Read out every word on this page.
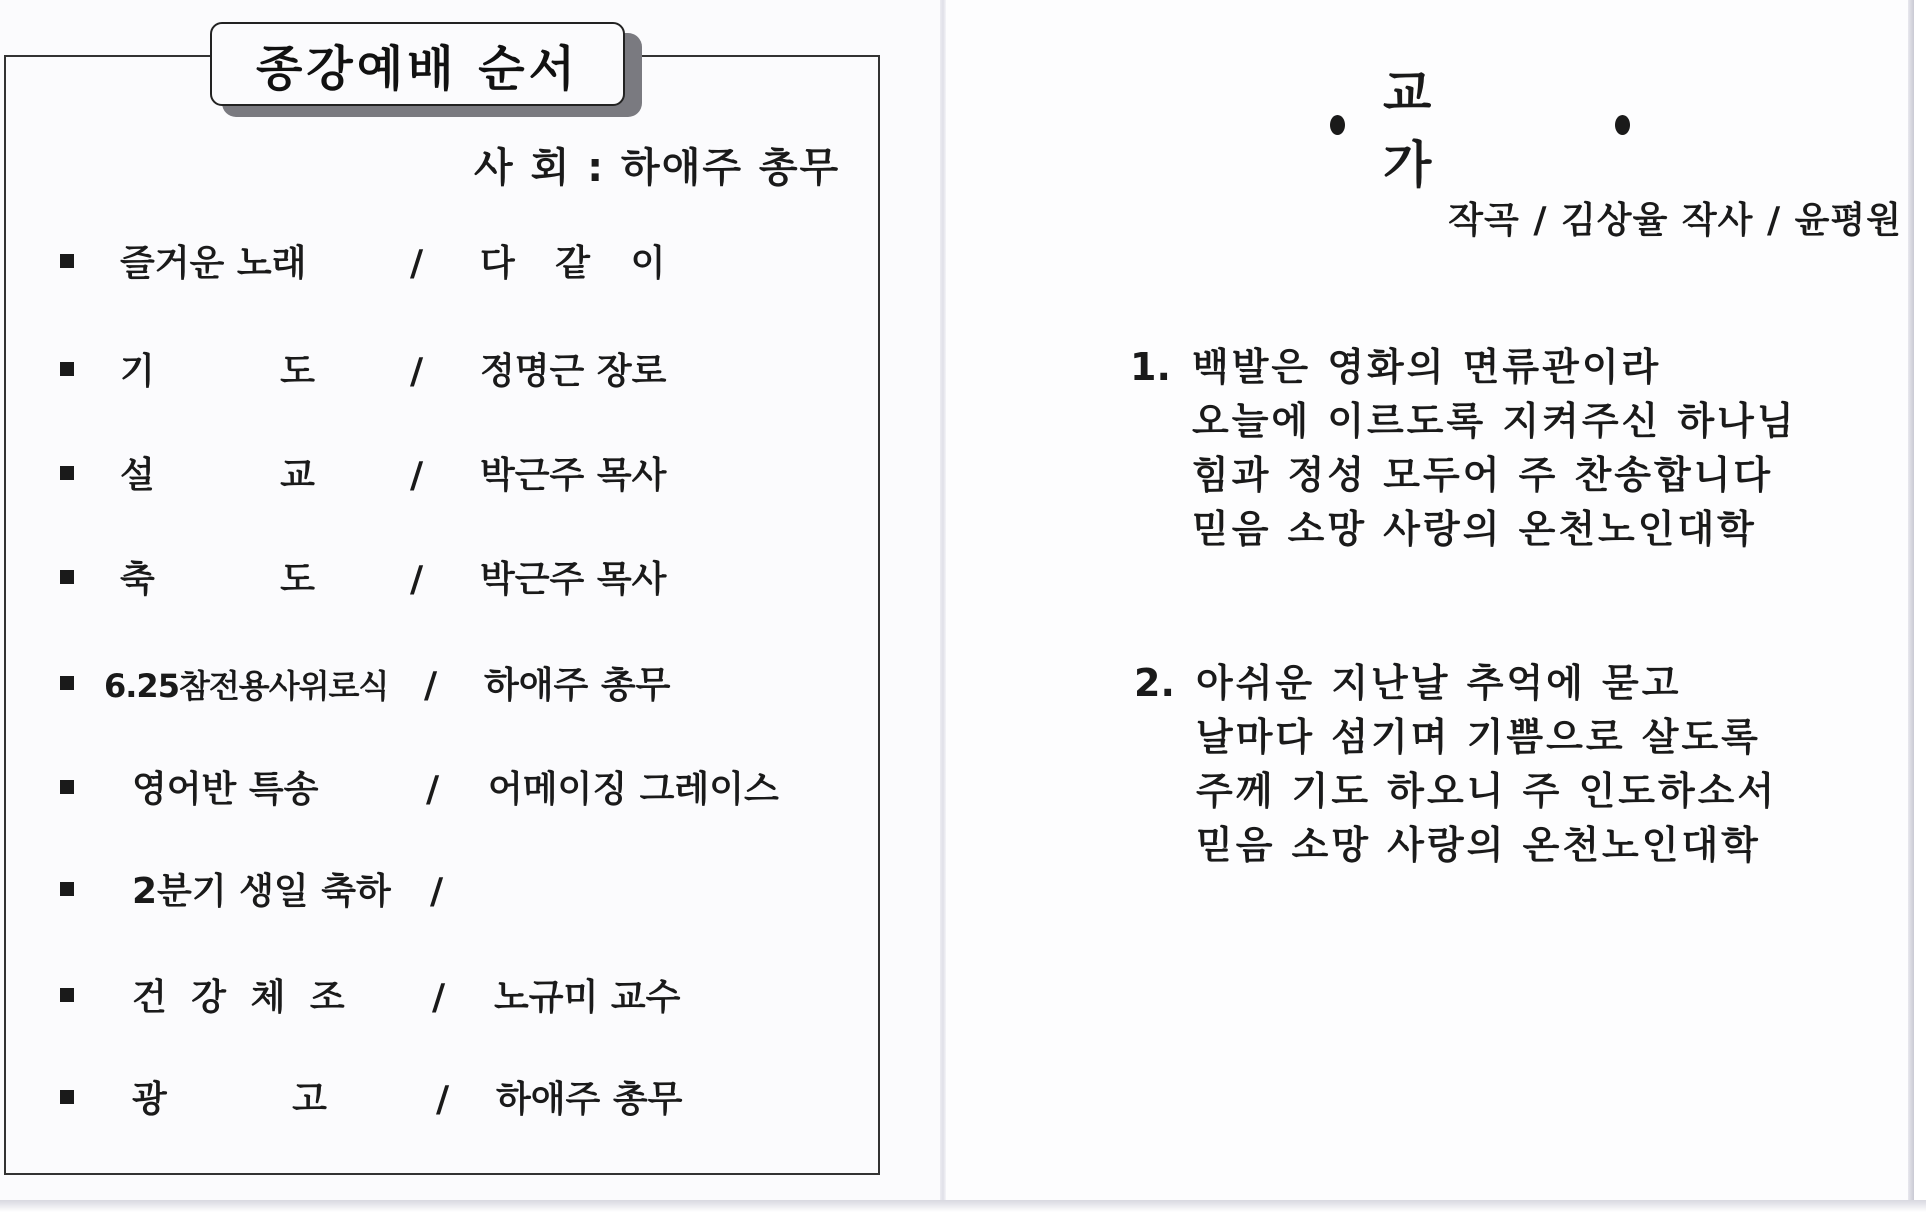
종강예배 순서
사 회 : 하애주 총무
즐거운 노래	/ 다 같 이
기          도	/ 정명근 장로
설          교	/ 박근주 목사
축          도	/ 박근주 목사
6.25참전용사위로식 / 하애주 총무
영어반 특송	/ 어메이징 그레이스
2분기 생일 축하 /
건 강 체 조 / 노규미 교수
광          고	/ 하애주 총무
교 가
작곡 / 김상율 작사 / 윤평원
1. 백발은 영화의 면류관이라
오늘에 이르도록 지켜주신 하나님
힘과 정성 모두어 주 찬송합니다
믿음 소망 사랑의 온천노인대학
2. 아쉬운 지난날 추억에 묻고
날마다 섬기며 기쁨으로 살도록
주께 기도 하오니 주 인도하소서
믿음 소망 사랑의 온천노인대학
